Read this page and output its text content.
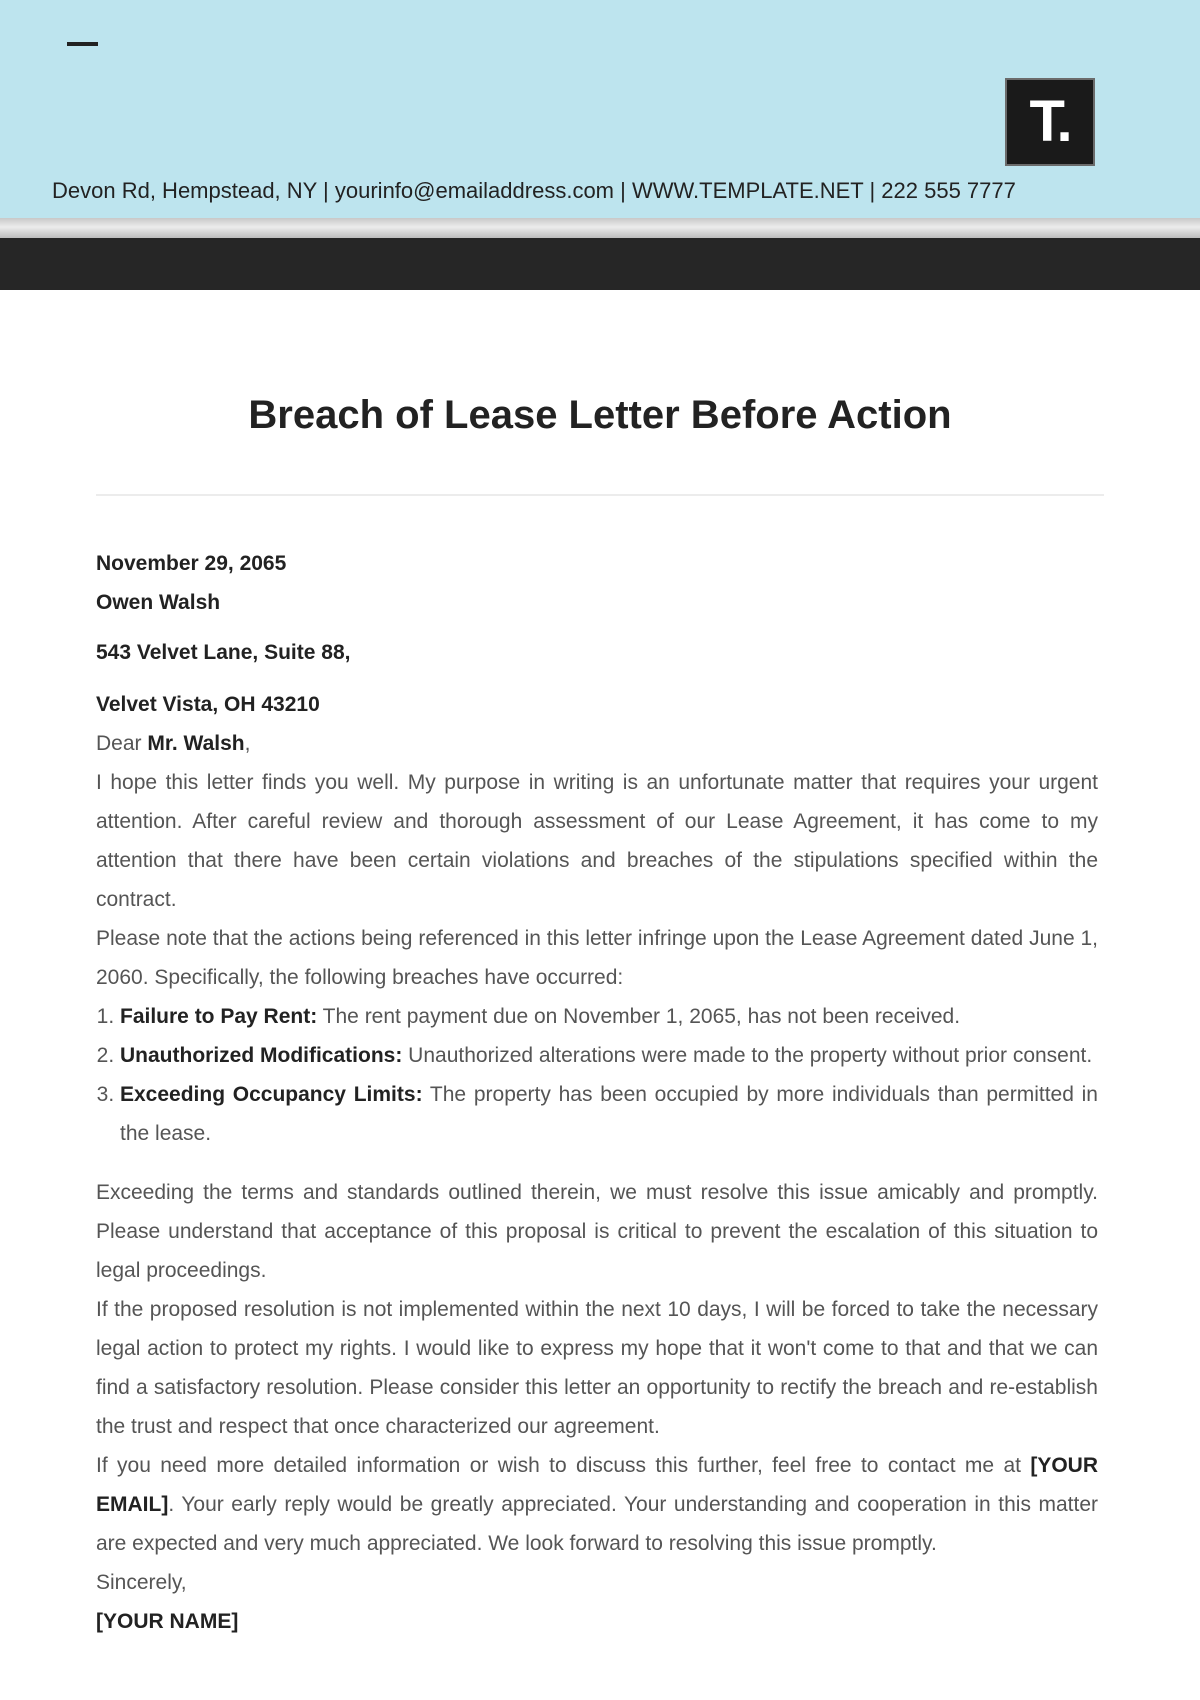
T.
Devon Rd, Hempstead, NY | yourinfo@emailaddress.com | WWW.TEMPLATE.NET | 222 555 7777
Breach of Lease Letter Before Action

November 29, 2065

Owen Walsh

543 Velvet Lane, Suite 88,

Velvet Vista, OH 43210

Dear Mr. Walsh,

I hope this letter finds you well. My purpose in writing is an unfortunate matter that requires your urgent attention. After careful review and thorough assessment of our Lease Agreement, it has come to my attention that there have been certain violations and breaches of the stipulations specified within the contract.

Please note that the actions being referenced in this letter infringe upon the Lease Agreement dated June 1, 2060. Specifically, the following breaches have occurred:

1. Failure to Pay Rent: The rent payment due on November 1, 2065, has not been received.
2. Unauthorized Modifications: Unauthorized alterations were made to the property without prior consent.
3. Exceeding Occupancy Limits: The property has been occupied by more individuals than permitted in the lease.

Exceeding the terms and standards outlined therein, we must resolve this issue amicably and promptly. Please understand that acceptance of this proposal is critical to prevent the escalation of this situation to legal proceedings.

If the proposed resolution is not implemented within the next 10 days, I will be forced to take the necessary legal action to protect my rights. I would like to express my hope that it won't come to that and that we can find a satisfactory resolution. Please consider this letter an opportunity to rectify the breach and re-establish the trust and respect that once characterized our agreement.

If you need more detailed information or wish to discuss this further, feel free to contact me at [YOUR EMAIL]. Your early reply would be greatly appreciated. Your understanding and cooperation in this matter are expected and very much appreciated. We look forward to resolving this issue promptly.

Sincerely,

[YOUR NAME]
